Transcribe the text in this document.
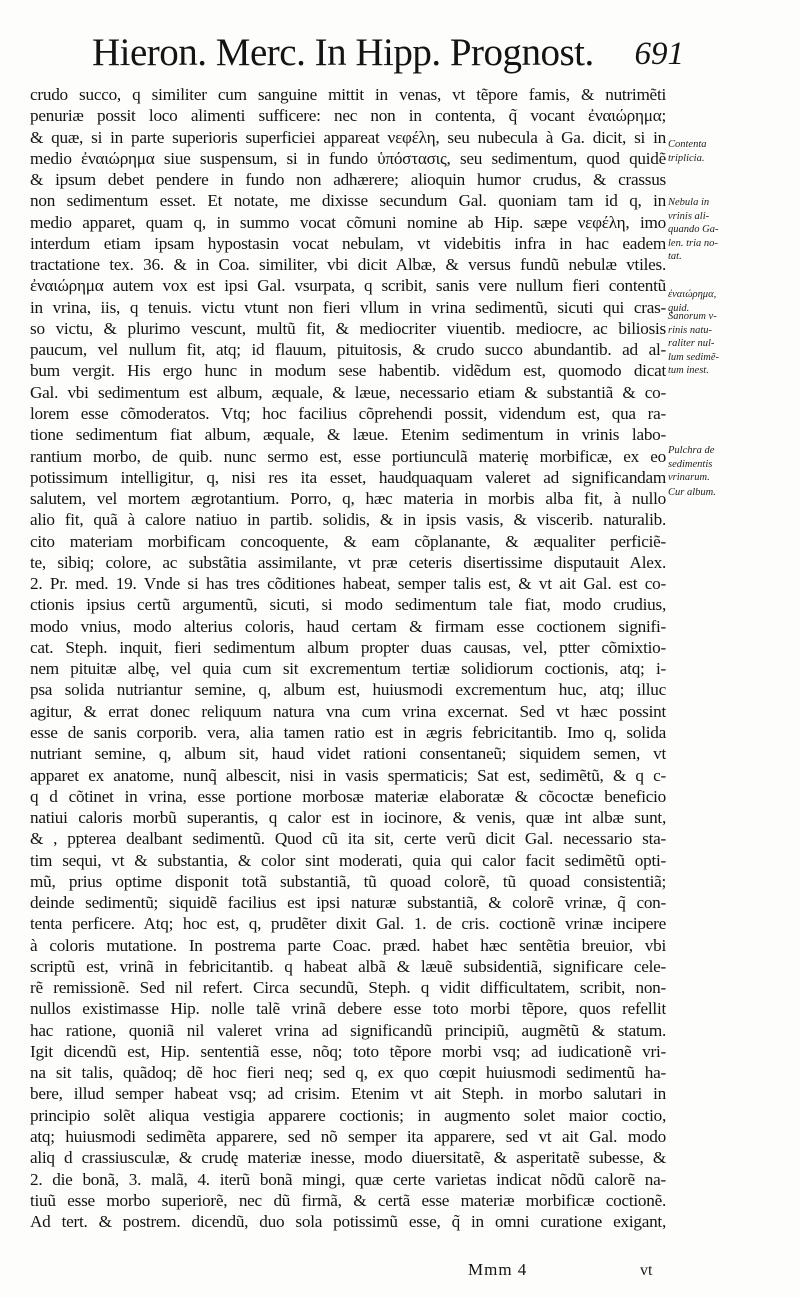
Hieron. Merc. In Hipp. Prognost. 691
crudo succo, q similiter cum sanguine mittit in venas, vt tẽpore famis, & nutrimẽti
penuriæ possit loco alimenti sufficere: nec non in contenta, q̃ vocant ἐναιώρημα;
& quæ, si in parte superioris superficiei appareat νεφέλη, seu nubecula à Ga. dicit, si in
medio ἐναιώρημα siue suspensum, si in fundo ὑπόστασις, seu sedimentum, quod quidẽ
& ipsum debet pendere in fundo non adhærere; alioquin humor crudus, & crassus
non sedimentum esset. Et notate, me dixisse secundum Gal. quoniam tam id q, in
medio apparet, quam q, in summo vocat cõmuni nomine ab Hip. sæpe νεφέλη, imo
interdum etiam ipsam hypostasin vocat nebulam, vt videbitis infra in hac eadem
tractatione tex. 36. & in Coa. similiter, vbi dicit Albæ, & versus fundũ nebulæ vtiles.
ἐναιώρημα autem vox est ipsi Gal. vsurpata, q scribit, sanis vere nullum fieri contentũ
in vrina, iis, q tenuis. victu vtunt non fieri vllum in vrina sedimentũ, sicuti qui cras-
so victu, & plurimo vescunt, multũ fit, & mediocriter viuentib. mediocre, ac biliosis
paucum, vel nullum fit, atq; id flauum, pituitosis, & crudo succo abundantib. ad al-
bum vergit. His ergo hunc in modum sese habentib. vidẽdum est, quomodo dicat
Gal. vbi sedimentum est album, æquale, & læue, necessario etiam & substantiã & co-
lorem esse cõmoderatos. Vtq; hoc facilius cõprehendi possit, videndum est, qua ra-
tione sedimentum fiat album, æquale, & læue. Etenim sedimentum in vrinis labo-
rantium morbo, de quib. nunc sermo est, esse portiunculã materię morbificæ, ex eo
potissimum intelligitur, q, nisi res ita esset, haudquaquam valeret ad significandam
salutem, vel mortem ægrotantium. Porro, q, hæc materia in morbis alba fit, à nullo
alio fit, quã à calore natiuo in partib. solidis, & in ipsis vasis, & viscerib. naturalib.
cito materiam morbificam concoquente, & eam cõplanante, & æqualiter perficiẽ-
te, sibiq; colore, ac substãtia assimilante, vt præ ceteris disertissime disputauit Alex.
2. Pr. med. 19. Vnde si has tres cõditiones habeat, semper talis est, & vt ait Gal. est co-
ctionis ipsius certũ argumentũ, sicuti, si modo sedimentum tale fiat, modo crudius,
modo vnius, modo alterius coloris, haud certam & firmam esse coctionem signifi-
cat. Steph. inquit, fieri sedimentum album propter duas causas, vel, ptter cõmixtio-
nem pituitæ albę, vel quia cum sit excrementum tertiæ solidiorum coctionis, atq; i-
psa solida nutriantur semine, q, album est, huiusmodi excrementum huc, atq; illuc
agitur, & errat donec reliquum natura vna cum vrina excernat. Sed vt hæc possint
esse de sanis corporib. vera, alia tamen ratio est in ægris febricitantib. Imo q, solida
nutriant semine, q, album sit, haud videt rationi consentaneũ; siquidem semen, vt
apparet ex anatome, nunq̃ albescit, nisi in vasis spermaticis; Sat est, sedimẽtũ, & q c-
q d cõtinet in vrina, esse portione morbosæ materiæ elaboratæ & cõcoctæ beneficio
natiui caloris morbũ superantis, q calor est in iocinore, & venis, quæ int albæ sunt,
& , ppterea dealbant sedimentũ. Quod cũ ita sit, certe verũ dicit Gal. necessario sta-
tim sequi, vt & substantia, & color sint moderati, quia qui calor facit sedimẽtũ opti-
mũ, prius optime disponit totã substantiã, tũ quoad colorẽ, tũ quoad consistentiã;
deinde sedimentũ; siquidẽ facilius est ipsi naturæ substantiã, & colorẽ vrinæ, q̃ con-
tenta perficere. Atq; hoc est, q, prudẽter dixit Gal. 1. de cris. coctionẽ vrinæ incipere
à coloris mutatione. In postrema parte Coac. præd. habet hæc sentẽtia breuior, vbi
scriptũ est, vrinã in febricitantib. q habeat albã & læuẽ subsidentiã, significare cele-
rẽ remissionẽ. Sed nil refert. Circa secundũ, Steph. q vidit difficultatem, scribit, non-
nullos existimasse Hip. nolle talẽ vrinã debere esse toto morbi tẽpore, quos refellit
hac ratione, quoniã nil valeret vrina ad significandũ principiũ, augmẽtũ & statum.
Igit dicendũ est, Hip. sententiã esse, nõq; toto tẽpore morbi vsq; ad iudicationẽ vri-
na sit talis, quãdoq; dẽ hoc fieri neq; sed q, ex quo cœpit huiusmodi sedimentũ ha-
bere, illud semper habeat vsq; ad crisim. Etenim vt ait Steph. in morbo salutari in
principio solẽt aliqua vestigia apparere coctionis; in augmento solet maior coctio,
atq; huiusmodi sedimẽta apparere, sed nõ semper ita apparere, sed vt ait Gal. modo
aliq d crassiusculæ, & crudę materiæ inesse, modo diuersitatẽ, & asperitatẽ subesse, &
2. die bonã, 3. malã, 4. iterũ bonã mingi, quæ certe varietas indicat nõdũ calorẽ na-
tiuũ esse morbo superiorẽ, nec dũ firmã, & certã esse materiæ morbificæ coctionẽ.
Ad tert. & postrem. dicendũ, duo sola potissimũ esse, q̃ in omni curatione exigant,
Contenta
triplicia.
Nebula in
vrinis ali-
quando Ga-
len. tria no-
tat.
ἐναιώρημα,
quid.
Sanorum v-
rinis natu-
raliter nul-
lum sedimẽ-
tum inest.
Pulchra de
sedimentis
vrinarum.
Cur album.
Mmm 4	vt
